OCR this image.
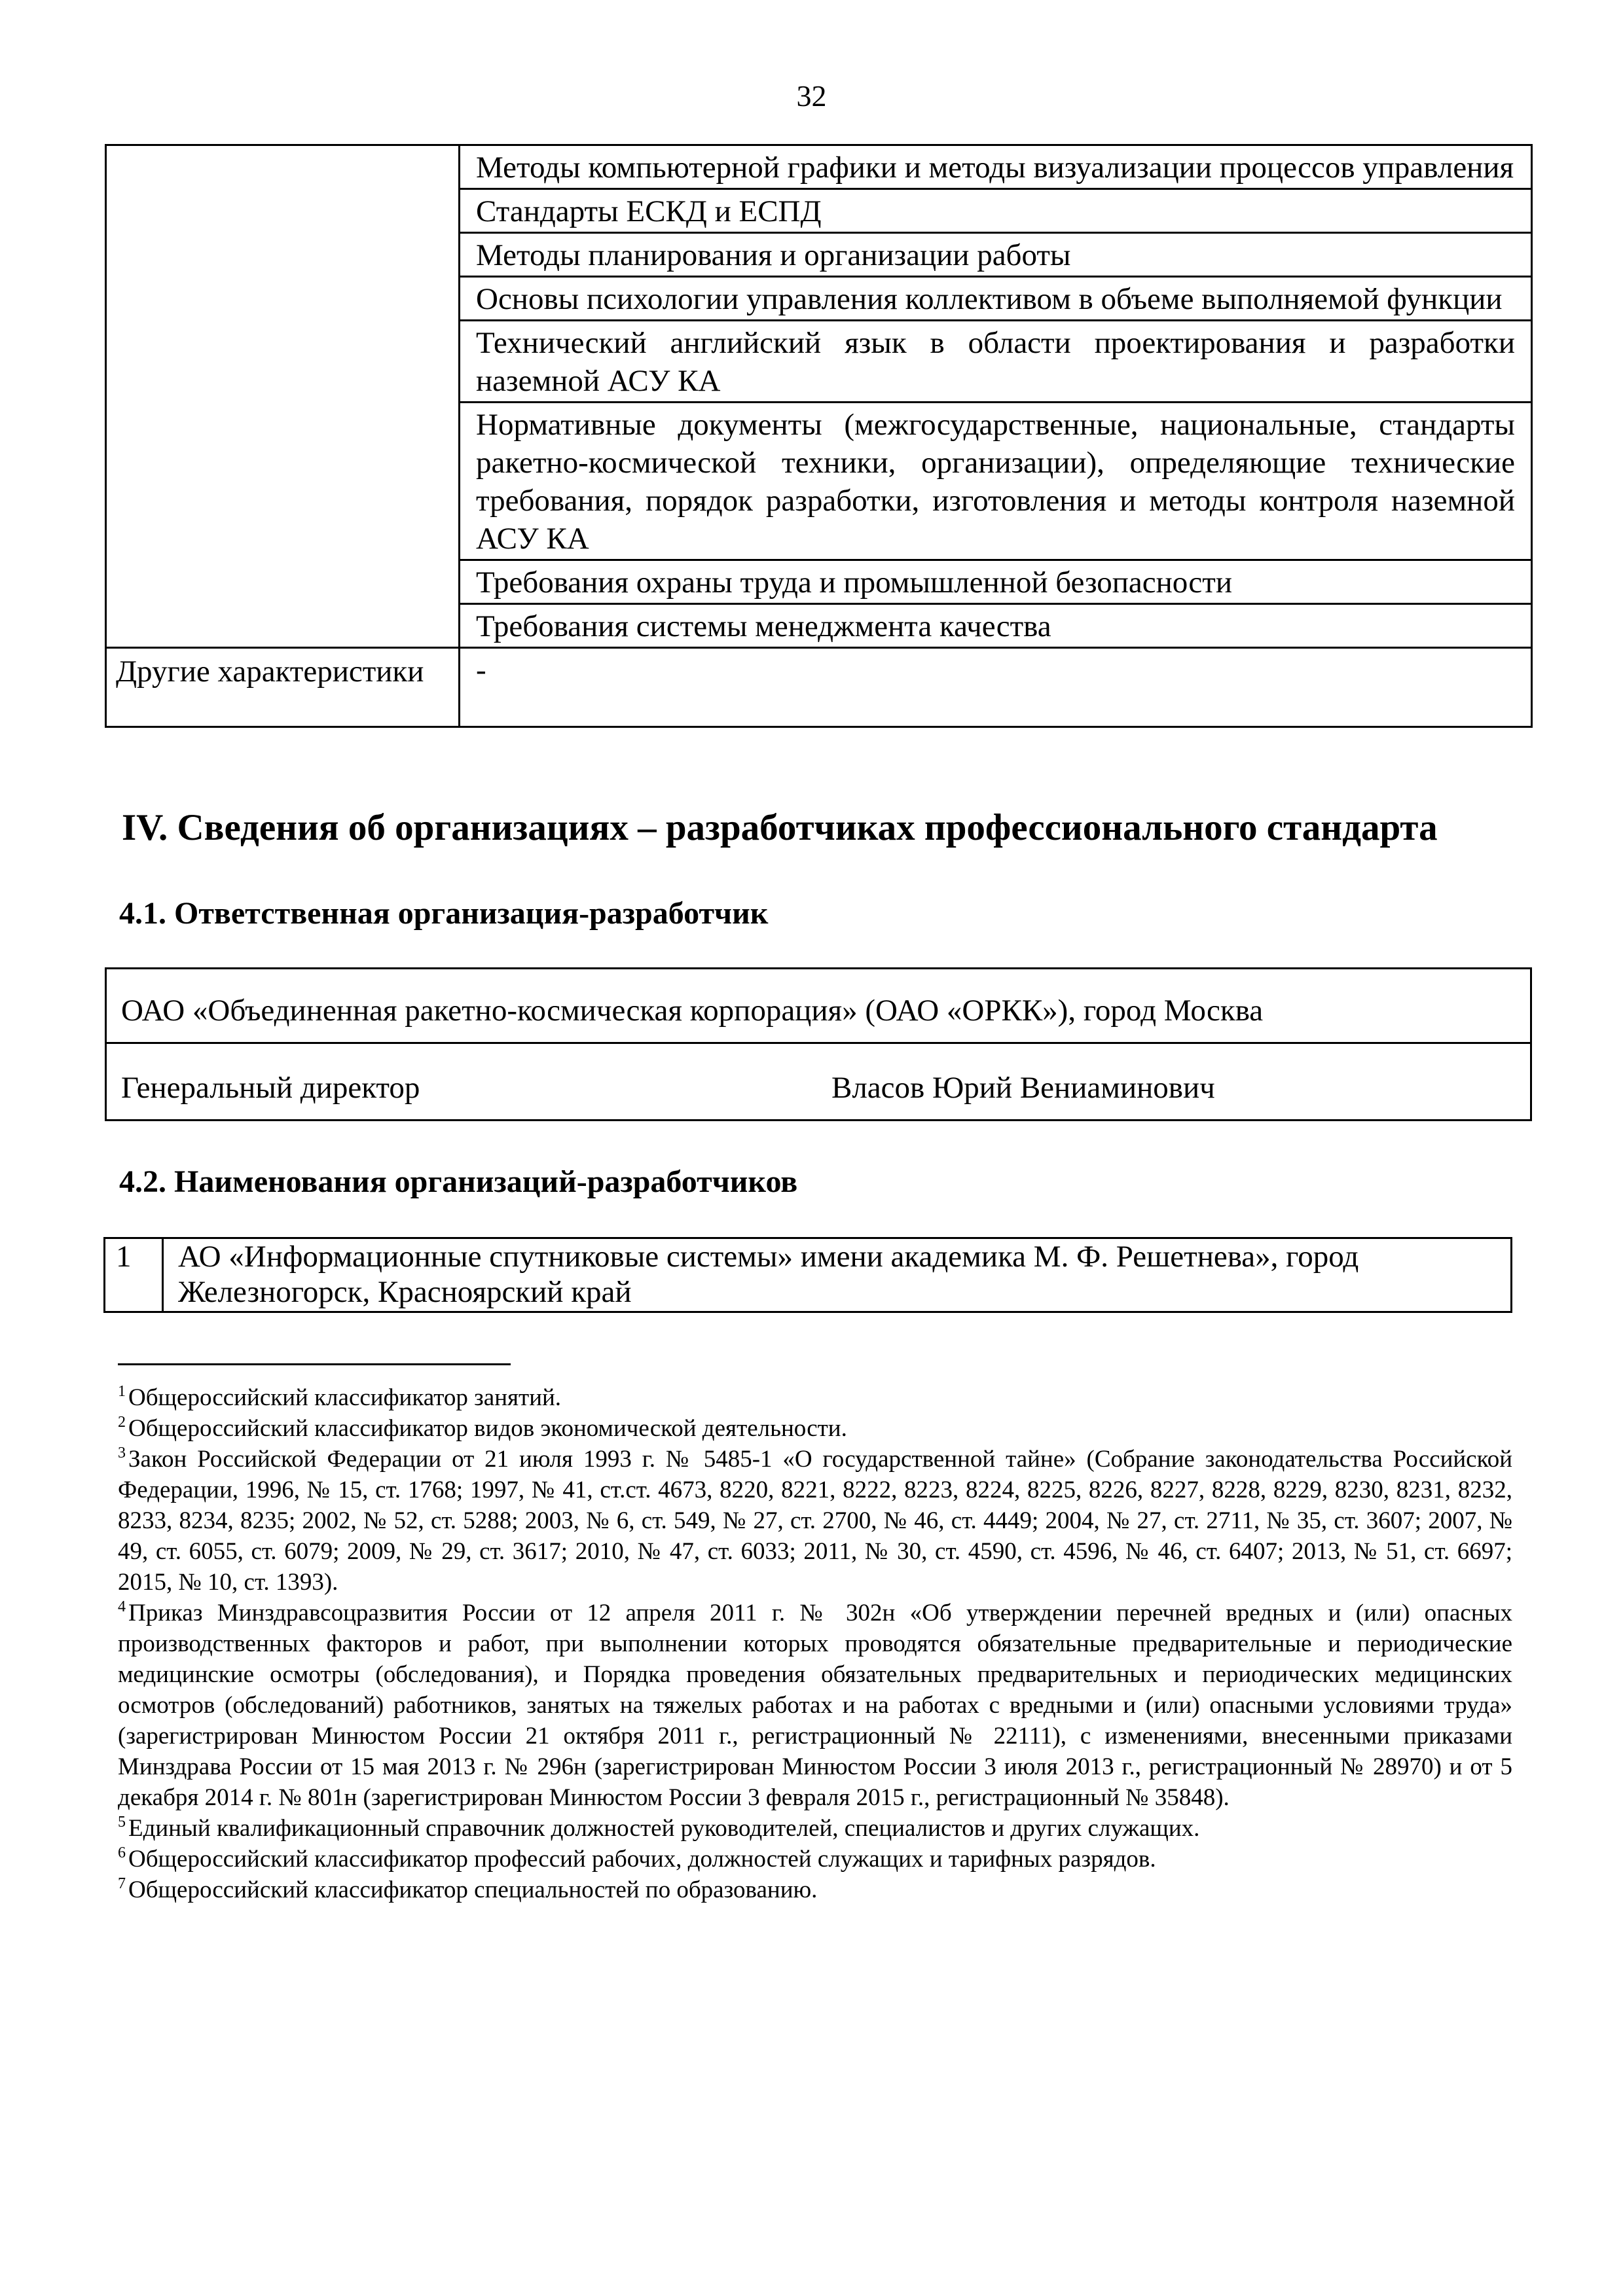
32
	Методы компьютерной графики и методы визуализации процессов управления
	Стандарты ЕСКД и ЕСПД
	Методы планирования и организации работы
	Основы психологии управления коллективом в объеме выполняемой функции
	Технический английский язык в области проектирования и разработки наземной АСУ КА
	Нормативные документы (межгосударственные, национальные, стандарты ракетно-космической техники, организации), определяющие технические требования, порядок разработки, изготовления и методы контроля наземной АСУ КА
	Требования охраны труда и промышленной безопасности
	Требования системы менеджмента качества
Другие характеристики	-
IV. Сведения об организациях – разработчиках профессионального стандарта
4.1. Ответственная организация-разработчик
ОАО «Объединенная ракетно-космическая корпорация» (ОАО «ОРКК»), город Москва
Генеральный директор	Власов Юрий Вениаминович
4.2. Наименования организаций-разработчиков
1	АО «Информационные спутниковые системы» имени академика М. Ф. Решетнева», город Железногорск, Красноярский край

$^1$ Общероссийский классификатор занятий.

$^2$ Общероссийский классификатор видов экономической деятельности.

$^3$ Закон Российской Федерации от 21 июля 1993 г. № 5485-1 «О государственной тайне» (Собрание законодательства Российской Федерации, 1996, № 15, ст. 1768; 1997, № 41, ст.ст. 4673, 8220, 8221, 8222, 8223, 8224, 8225, 8226, 8227, 8228, 8229, 8230, 8231, 8232, 8233, 8234, 8235; 2002, № 52, ст. 5288; 2003, № 6, ст. 549, № 27, ст. 2700, № 46, ст. 4449; 2004, № 27, ст. 2711, № 35, ст. 3607; 2007, № 49, ст. 6055, ст. 6079; 2009, № 29, ст. 3617; 2010, № 47, ст. 6033; 2011, № 30, ст. 4590, ст. 4596, № 46, ст. 6407; 2013, № 51, ст. 6697; 2015, № 10, ст. 1393).

$^4$ Приказ Минздравсоцразвития России от 12 апреля 2011 г. № 302н «Об утверждении перечней вредных и (или) опасных производственных факторов и работ, при выполнении которых проводятся обязательные предварительные и периодические медицинские осмотры (обследования), и Порядка проведения обязательных предварительных и периодических медицинских осмотров (обследований) работников, занятых на тяжелых работах и на работах с вредными и (или) опасными условиями труда» (зарегистрирован Минюстом России 21 октября 2011 г., регистрационный № 22111), с изменениями, внесенными приказами Минздрава России от 15 мая 2013 г. № 296н (зарегистрирован Минюстом России 3 июля 2013 г., регистрационный № 28970) и от 5 декабря 2014 г. № 801н (зарегистрирован Минюстом России 3 февраля 2015 г., регистрационный № 35848).

$^5$ Единый квалификационный справочник должностей руководителей, специалистов и других служащих.

$^6$ Общероссийский классификатор профессий рабочих, должностей служащих и тарифных разрядов.

$^7$ Общероссийский классификатор специальностей по образованию.
